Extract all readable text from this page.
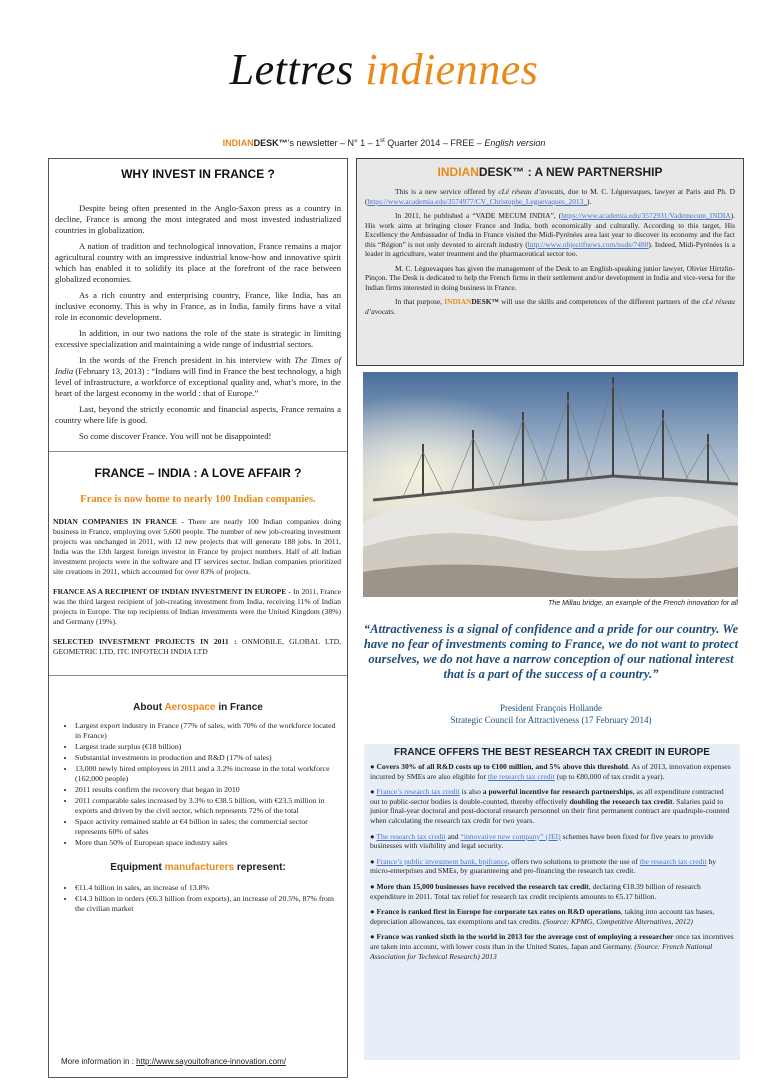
Lettres indiennes
INDIANDESK™’s newsletter – N° 1 – 1st Quarter 2014 – FREE – English version
WHY INVEST IN FRANCE ?

Despite being often presented in the Anglo-Saxon press as a country in decline, France is among the most integrated and most invested industrialized countries in globalization.

A nation of tradition and technological innovation, France remains a major agricultural country with an impressive industrial know-how and innovative spirit which has enabled it to solidify its place at the forefront of the race between globalized economies.

As a rich country and enterprising country, France, like India, has an inclusive economy. This is why in France, as in India, family firms have a vital role in economic development.

In addition, in our two nations the role of the state is strategic in limiting excessive specialization and maintaining a wide range of industrial sectors.

In the words of the French president in his interview with The Times of India (February 13, 2013) : “Indians will find in France the best technology, a high level of infrastructure, a workforce of exceptional quality and, what’s more, in the heart of the largest economy in the world : that of Europe.”

Last, beyond the strictly economic and financial aspects, France remains a country where life is good.

So come discover France. You will not be disappointed!

FRANCE – INDIA : A LOVE AFFAIR ?
France is now home to nearly 100 Indian companies.

NDIAN COMPANIES IN FRANCE - There are nearly 100 Indian companies doing business in France, employing over 5,600 people. The number of new job-creating investment projects was unchanged in 2011, with 12 new projects that will generate 188 jobs. In 2011, India was the 13th largest foreign investor in France by project numbers. Half of all Indian investment projects were in the software and IT services sector. Indian companies prioritized site creations in 2011, which accounted for over 83% of projects.

FRANCE AS A RECIPIENT OF INDIAN INVESTMENT IN EUROPE - In 2011, France was the third largest recipient of job-creating investment from India, receiving 11% of Indian projects in Europe. The top recipients of Indian investments were the United Kingdom (38%) and Germany (19%).

SELECTED INVESTMENT PROJECTS IN 2011 : ONMOBILE, GLOBAL LTD, GEOMETRIC LTD, ITC INFOTECH INDIA LTD

About Aerospace in France
• Largest export industry in France (77% of sales, with 70% of the workforce located in France)
• Largest trade surplus (€18 billion)
• Substantial investments in production and R&D (17% of sales)
• 13,000 newly hired employees in 2011 and a 3.2% increase in the total workforce (162,000 people)
• 2011 results confirm the recovery that began in 2010
• 2011 comparable sales increased by 3.3% to €38.5 billion, with €23.5 million in exports and driven by the civil sector, which represents 72% of the total
• Space activity remained stable at €4 billion in sales; the commercial sector represents 60% of sales
• More than 50% of European space industry sales
Equipment manufacturers represent:
• €11.4 billion in sales, an increase of 13.8%
• €14.3 billion in orders (€6.3 billion from exports), an increase of 20.5%, 87% from the civilian market
More information in : http://www.sayouitofrance-innovation.com/
INDIANDESK™ : A NEW PARTNERSHIP

This is a new service offered by cLé réseau d’avocats, due to M. C. Léguevaques, lawyer at Paris and Ph. D (https://www.academia.edu/3574977/CV_Christophe_Leguevaques_2013_).

In 2011, he published a “VADE MECUM INDIA”, (https://www.academia.edu/3572931/Vademecum_INDIA). His work aims at bringing closer France and India, both economically and culturally. According to this target, His Excellency the Ambassador of India in France visited the Midi-Pyrénées area last year to discover its economy and the fact this “Région” is not only devoted to aircraft industry (http://www.objectifnews.com/node/7480). Indeed, Midi-Pyrénées is a leader in agriculture, water treatment and the pharmaceutical sector too.

M. C. Léguevaques has given the management of the Desk to an English-speaking junior lawyer, Olivier Hirtzlin-Pinçon. The Desk is dedicated to help the French firms in their settlement and/or development in India and vice-versa for the Indian firms interested in doing business in France.

In that purpose, INDIANDESK™ will use the skills and competences of the different partners of the cLé réseau d’avocats.

The Millau bridge, an example of the French innovation for all
“Attractiveness is a signal of confidence and a pride for our country. We have no fear of investments coming to France, we do not want to protect ourselves, we do not have a narrow conception of our national interest that is a part of the success of a country.”
President François Hollande
Strategic Council for Attractiveness (17 February 2014)
FRANCE OFFERS THE BEST RESEARCH TAX CREDIT IN EUROPE

● Covers 30% of all R&D costs up to €100 million, and 5% above this threshold. As of 2013, innovation expenses incurred by SMEs are also eligible for the research tax credit (up to €80,000 of tax credit a year).

● France’s research tax credit is also a powerful incentive for research partnerships, as all expenditure contracted out to public-sector bodies is double-counted, thereby effectively doubling the research tax credit. Salaries paid to junior final-year doctoral and post-doctoral research personnel on their first permanent contract are quadruple-counted when calculating the research tax credit for two years.

● The research tax credit and “innovative new company” (JEI) schemes have been fixed for five years to provide businesses with visibility and legal security.

● France’s public investment bank, bpifrance, offers two solutions to promote the use of the research tax credit by micro-enterprises and SMEs, by guaranteeing and pre-financing the research tax credit.

● More than 15,000 businesses have received the research tax credit, declaring €18.39 billion of research expenditure in 2011. Total tax relief for research tax credit recipients amounts to €5.17 billion.

● France is ranked first in Europe for corporate tax rates on R&D operations, taking into account tax bases, depreciation allowances, tax exemptions and tax credits. (Source: KPMG, Competitive Alternatives, 2012)

● France was ranked sixth in the world in 2013 for the average cost of employing a researcher once tax incentives are taken into account, with lower costs than in the United States, Japan and Germany. (Source: French National Association for Technical Research) 2013
